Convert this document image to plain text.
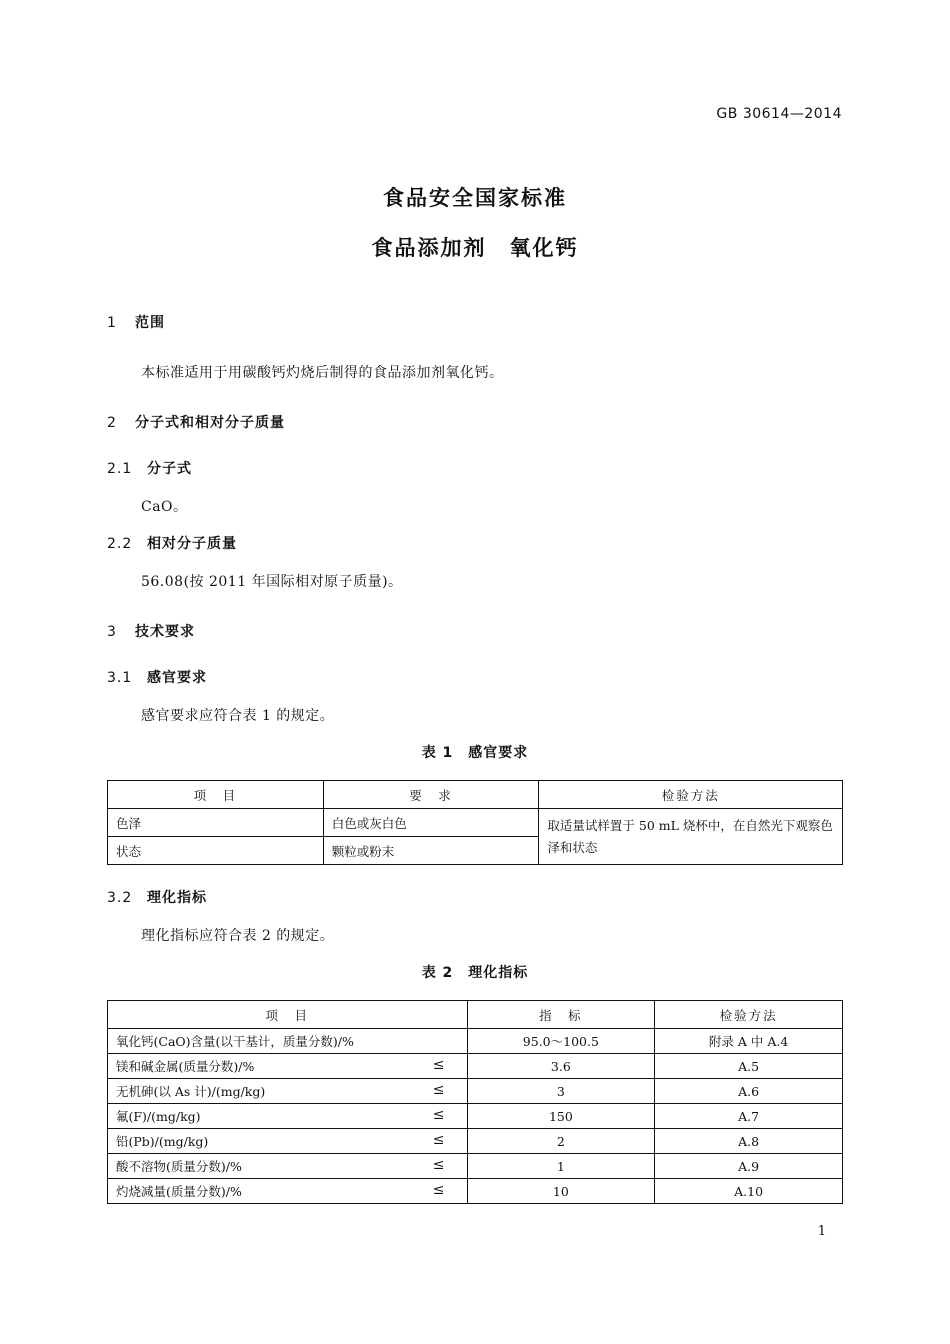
GB 30614—2014
食品安全国家标准
食品添加剂　氧化钙
1 范围
本标准适用于用碳酸钙灼烧后制得的食品添加剂氧化钙。
2 分子式和相对分子质量
2.1 分子式
CaO。
2.2 相对分子质量
56.08(按 2011 年国际相对原子质量)。
3 技术要求
3.1 感官要求
感官要求应符合表 1 的规定。
表 1　感官要求
项　目	要　求	检验方法
色泽	白色或灰白色	取适量试样置于 50 mL 烧杯中，在自然光下观察色泽和状态
状态	颗粒或粉末	
3.2 理化指标
理化指标应符合表 2 的规定。
表 2　理化指标
项　目	指　标	检验方法
氧化钙(CaO)含量(以干基计，质量分数)/%	95.0～100.5	附录 A 中 A.4
镁和碱金属(质量分数)/% ≤	3.6	A.5
无机砷(以 As 计)/(mg/kg) ≤	3	A.6
氟(F)/(mg/kg) ≤	150	A.7
铅(Pb)/(mg/kg) ≤	2	A.8
酸不溶物(质量分数)/% ≤	1	A.9
灼烧减量(质量分数)/% ≤	10	A.10
1
